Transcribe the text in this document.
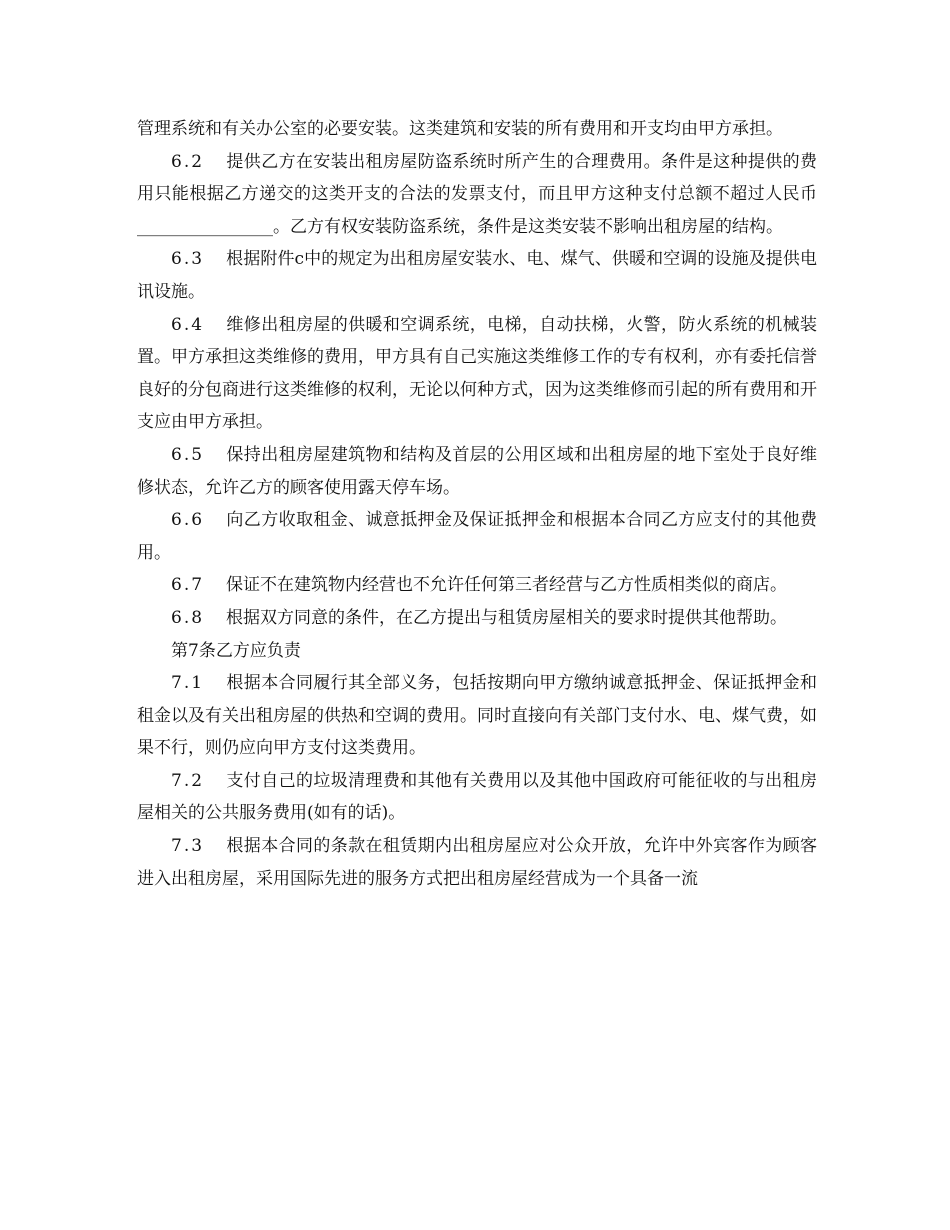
管理系统和有关办公室的必要安装。这类建筑和安装的所有费用和开支均由甲方承担。

6.2 提供乙方在安装出租房屋防盗系统时所产生的合理费用。条件是这种提供的费用只能根据乙方递交的这类开支的合法的发票支付，而且甲方这种支付总额不超过人民币________________。乙方有权安装防盗系统，条件是这类安装不影响出租房屋的结构。

6.3 根据附件c中的规定为出租房屋安装水、电、煤气、供暖和空调的设施及提供电讯设施。

6.4 维修出租房屋的供暖和空调系统，电梯，自动扶梯，火警，防火系统的机械装置。甲方承担这类维修的费用，甲方具有自己实施这类维修工作的专有权利，亦有委托信誉良好的分包商进行这类维修的权利，无论以何种方式，因为这类维修而引起的所有费用和开支应由甲方承担。

6.5 保持出租房屋建筑物和结构及首层的公用区域和出租房屋的地下室处于良好维修状态，允许乙方的顾客使用露天停车场。

6.6 向乙方收取租金、诚意抵押金及保证抵押金和根据本合同乙方应支付的其他费用。

6.7 保证不在建筑物内经营也不允许任何第三者经营与乙方性质相类似的商店。

6.8 根据双方同意的条件，在乙方提出与租赁房屋相关的要求时提供其他帮助。

第7条乙方应负责

7.1 根据本合同履行其全部义务，包括按期向甲方缴纳诚意抵押金、保证抵押金和租金以及有关出租房屋的供热和空调的费用。同时直接向有关部门支付水、电、煤气费，如果不行，则仍应向甲方支付这类费用。

7.2 支付自己的垃圾清理费和其他有关费用以及其他中国政府可能征收的与出租房屋相关的公共服务费用(如有的话)。

7.3 根据本合同的条款在租赁期内出租房屋应对公众开放，允许中外宾客作为顾客进入出租房屋，采用国际先进的服务方式把出租房屋经营成为一个具备一流
